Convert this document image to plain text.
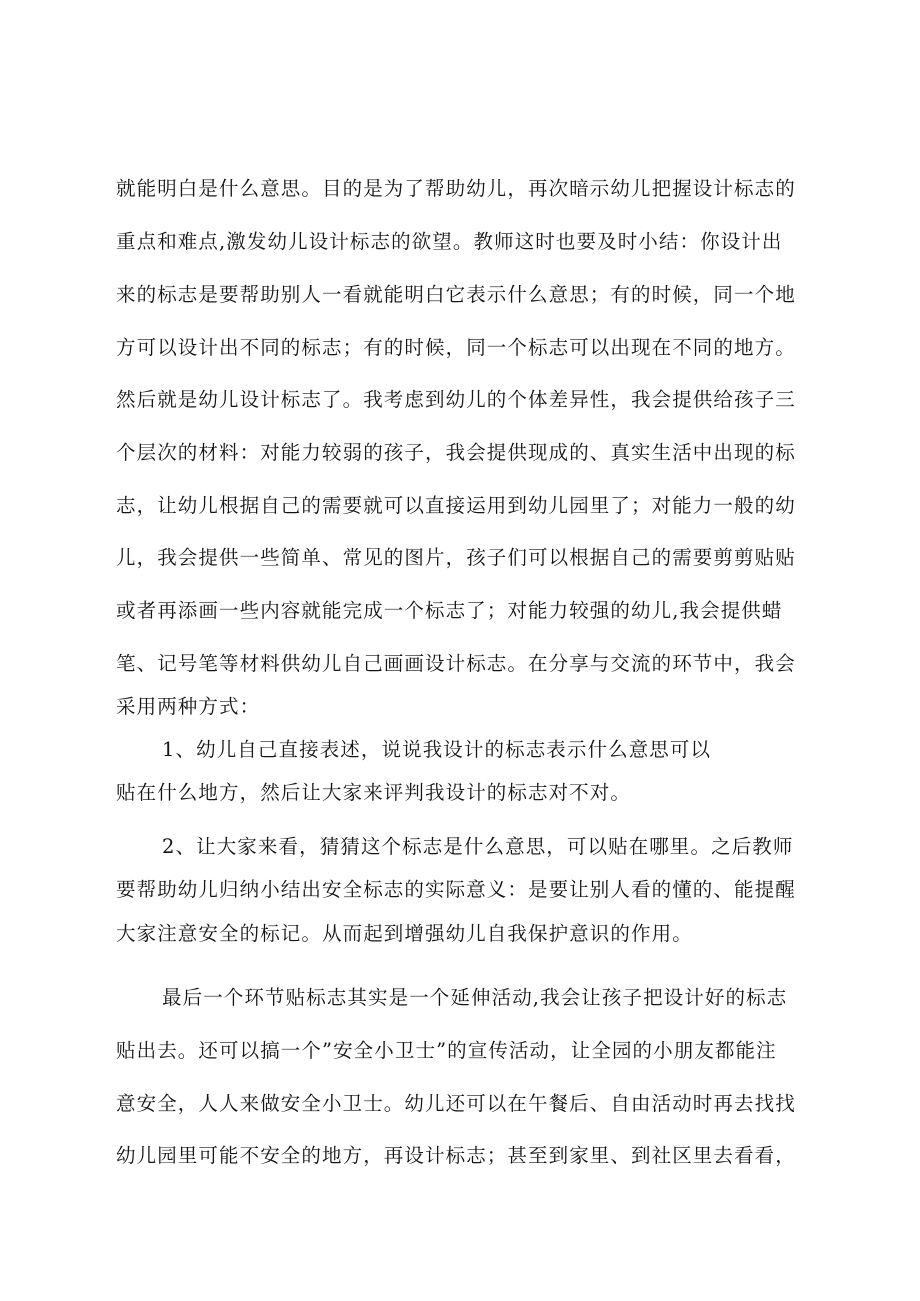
就能明白是什么意思。目的是为了帮助幼儿，再次暗示幼儿把握设计标志的
重点和难点,激发幼儿设计标志的欲望。教师这时也要及时小结：你设计出
来的标志是要帮助别人一看就能明白它表示什么意思；有的时候，同一个地
方可以设计出不同的标志；有的时候，同一个标志可以出现在不同的地方。
然后就是幼儿设计标志了。我考虑到幼儿的个体差异性，我会提供给孩子三
个层次的材料：对能力较弱的孩子，我会提供现成的、真实生活中出现的标
志，让幼儿根据自己的需要就可以直接运用到幼儿园里了；对能力一般的幼
儿，我会提供一些简单、常见的图片，孩子们可以根据自己的需要剪剪贴贴
或者再添画一些内容就能完成一个标志了；对能力较强的幼儿,我会提供蜡
笔、记号笔等材料供幼儿自己画画设计标志。在分享与交流的环节中，我会
采用两种方式：
1、幼儿自己直接表述，说说我设计的标志表示什么意思可以
贴在什么地方，然后让大家来评判我设计的标志对不对。
2、让大家来看，猜猜这个标志是什么意思，可以贴在哪里。之后教师
要帮助幼儿归纳小结出安全标志的实际意义：是要让别人看的懂的、能提醒
大家注意安全的标记。从而起到增强幼儿自我保护意识的作用。
最后一个环节贴标志其实是一个延伸活动,我会让孩子把设计好的标志
贴出去。还可以搞一个”安全小卫士”的宣传活动，让全园的小朋友都能注
意安全，人人来做安全小卫士。幼儿还可以在午餐后、自由活动时再去找找
幼儿园里可能不安全的地方，再设计标志；甚至到家里、到社区里去看看，
